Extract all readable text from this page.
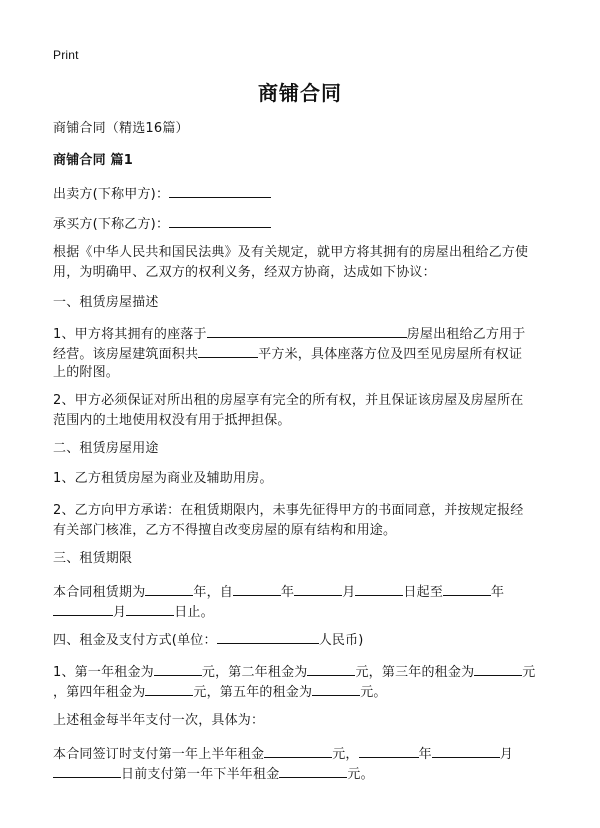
Print
商铺合同
商铺合同（精选16篇）
商铺合同 篇1
出卖方(下称甲方)：
承买方(下称乙方)：
根据《中华人民共和国民法典》及有关规定，就甲方将其拥有的房屋出租给乙方使
用，为明确甲、乙双方的权利义务，经双方协商，达成如下协议：
一、租赁房屋描述
1、甲方将其拥有的座落于	房屋出租给乙方用于
经营。该房屋建筑面积共	平方米，具体座落方位及四至见房屋所有权证
上的附图。
2、甲方必须保证对所出租的房屋享有完全的所有权，并且保证该房屋及房屋所在
范围内的土地使用权没有用于抵押担保。
二、租赁房屋用途
1、乙方租赁房屋为商业及辅助用房。
2、乙方向甲方承诺：在租赁期限内，未事先征得甲方的书面同意，并按规定报经
有关部门核准，乙方不得擅自改变房屋的原有结构和用途。
三、租赁期限
本合同租赁期为	年，自	年	月	日起至	年
月	日止。
四、租金及支付方式(单位：	人民币)
1、第一年租金为	元，第二年租金为	元，第三年的租金为	元
，第四年租金为	元，第五年的租金为	元。
上述租金每半年支付一次，具体为：
本合同签订时支付第一年上半年租金	元，	年	月
日前支付第一年下半年租金	元。
